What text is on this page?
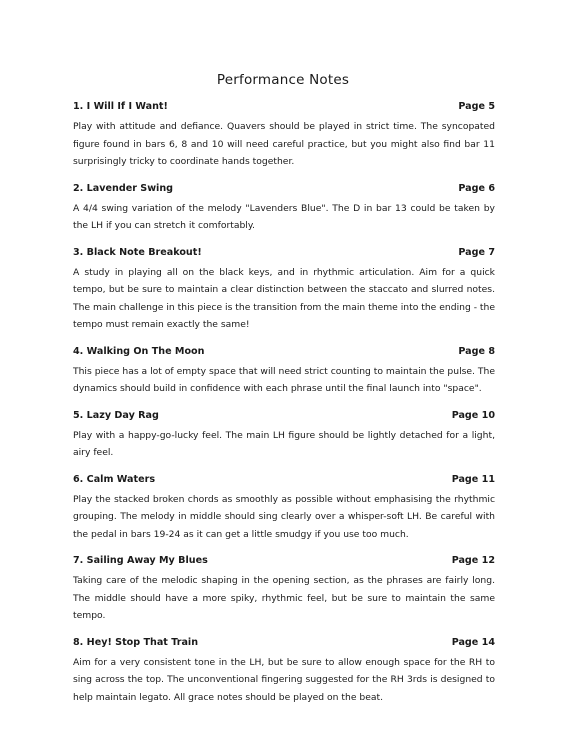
Performance Notes
1. I Will If I Want!	Page 5

Play with attitude and defiance. Quavers should be played in strict time. The syncopated figure found in bars 6, 8 and 10 will need careful practice, but you might also find bar 11 surprisingly tricky to coordinate hands together.

2. Lavender Swing	Page 6

A 4/4 swing variation of the melody "Lavenders Blue". The D in bar 13 could be taken by the LH if you can stretch it comfortably.

3. Black Note Breakout!	Page 7

A study in playing all on the black keys, and in rhythmic articulation. Aim for a quick tempo, but be sure to maintain a clear distinction between the staccato and slurred notes. The main challenge in this piece is the transition from the main theme into the ending - the tempo must remain exactly the same!

4. Walking On The Moon	Page 8

This piece has a lot of empty space that will need strict counting to maintain the pulse. The dynamics should build in confidence with each phrase until the final launch into "space".

5. Lazy Day Rag	Page 10

Play with a happy-go-lucky feel. The main LH figure should be lightly detached for a light, airy feel.

6. Calm Waters	Page 11

Play the stacked broken chords as smoothly as possible without emphasising the rhythmic grouping. The melody in middle should sing clearly over a whisper-soft LH. Be careful with the pedal in bars 19-24 as it can get a little smudgy if you use too much.

7. Sailing Away My Blues	Page 12

Taking care of the melodic shaping in the opening section, as the phrases are fairly long. The middle should have a more spiky, rhythmic feel, but be sure to maintain the same tempo.

8. Hey! Stop That Train	Page 14

Aim for a very consistent tone in the LH, but be sure to allow enough space for the RH to sing across the top. The unconventional fingering suggested for the RH 3rds is designed to help maintain legato. All grace notes should be played on the beat.
